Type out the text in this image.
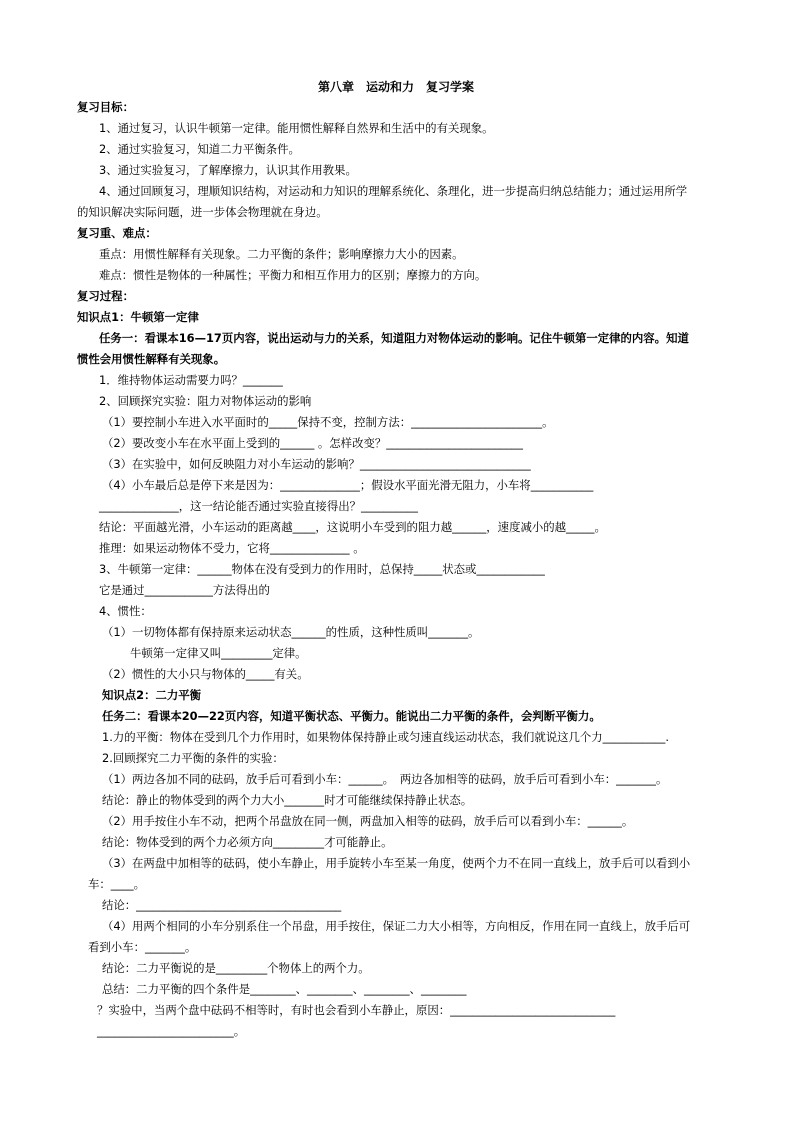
第八章　运动和力　复习学案
复习目标：
1、通过复习，认识牛顿第一定律。能用惯性解释自然界和生活中的有关现象。
2、通过实验复习，知道二力平衡条件。
3、通过实验复习，了解摩擦力，认识其作用教果。
4、通过回顾复习，理顺知识结构，对运动和力知识的理解系统化、条理化，进一步提高归纳总结能力；通过运用所学
的知识解决实际问题，进一步体会物理就在身边。
复习重、难点：
重点：用惯性解释有关现象。二力平衡的条件；影响摩擦力大小的因素。
难点：惯性是物体的一种属性；平衡力和相互作用力的区别；摩擦力的方向。
复习过程：
知识点1：牛顿第一定律
任务一：看课本16—17页内容，说出运动与力的关系，知道阻力对物体运动的影响。记住牛顿第一定律的内容。知道
惯性会用惯性解释有关现象。
1．维持物体运动需要力吗？_______
2、回顾探究实验：阻力对物体运动的影响
（1）要控制小车进入水平面时的_____保持不变，控制方法：_______________________。
（2）要改变小车在水平面上受到的______ 。怎样改变？________________________
（3）在实验中，如何反映阻力对小车运动的影响？______________________________
（4）小车最后总是停下来是因为：______________；假设水平面光滑无阻力，小车将___________
______________，这一结论能否通过实验直接得出？__________
结论：平面越光滑，小车运动的距离越____，这说明小车受到的阻力越______，速度减小的越_____。
推理：如果运动物体不受力，它将______________ 。
3、牛顿第一定律：______物体在没有受到力的作用时，总保持_____状态或____________
它是通过____________方法得出的
4、惯性：
（1）一切物体都有保持原来运动状态______的性质，这种性质叫_______。
牛顿第一定律又叫_________定律。
（2）惯性的大小只与物体的_____有关。
知识点2：二力平衡
任务二：看课本20—22页内容，知道平衡状态、平衡力。能说出二力平衡的条件，会判断平衡力。
1.力的平衡：物体在受到几个力作用时，如果物体保持静止或匀速直线运动状态，我们就说这几个力___________.
2.回顾探究二力平衡的条件的实验：
（1）两边各加不同的砝码，放手后可看到小车：______。　两边各加相等的砝码，放手后可看到小车：_______。
结论：静止的物体受到的两个力大小_______时才可能继续保持静止状态。
（2）用手按住小车不动，把两个吊盘放在同一侧，两盘加入相等的砝码，放手后可以看到小车：______。
结论：物体受到的两个力必须方向_________才可能静止。
（3）在两盘中加相等的砝码，使小车静止，用手旋转小车至某一角度，使两个力不在同一直线上，放手后可以看到小
车：____。
结论：____________________________________
（4）用两个相同的小车分别系住一个吊盘，用手按住，保证二力大小相等，方向相反，作用在同一直线上，放手后可
看到小车：_______。
结论：二力平衡说的是_________个物体上的两个力。
总结：二力平衡的四个条件是________、________、________、________
？实验中，当两个盘中砝码不相等时，有时也会看到小车静止，原因：_____________________________
________________________。
